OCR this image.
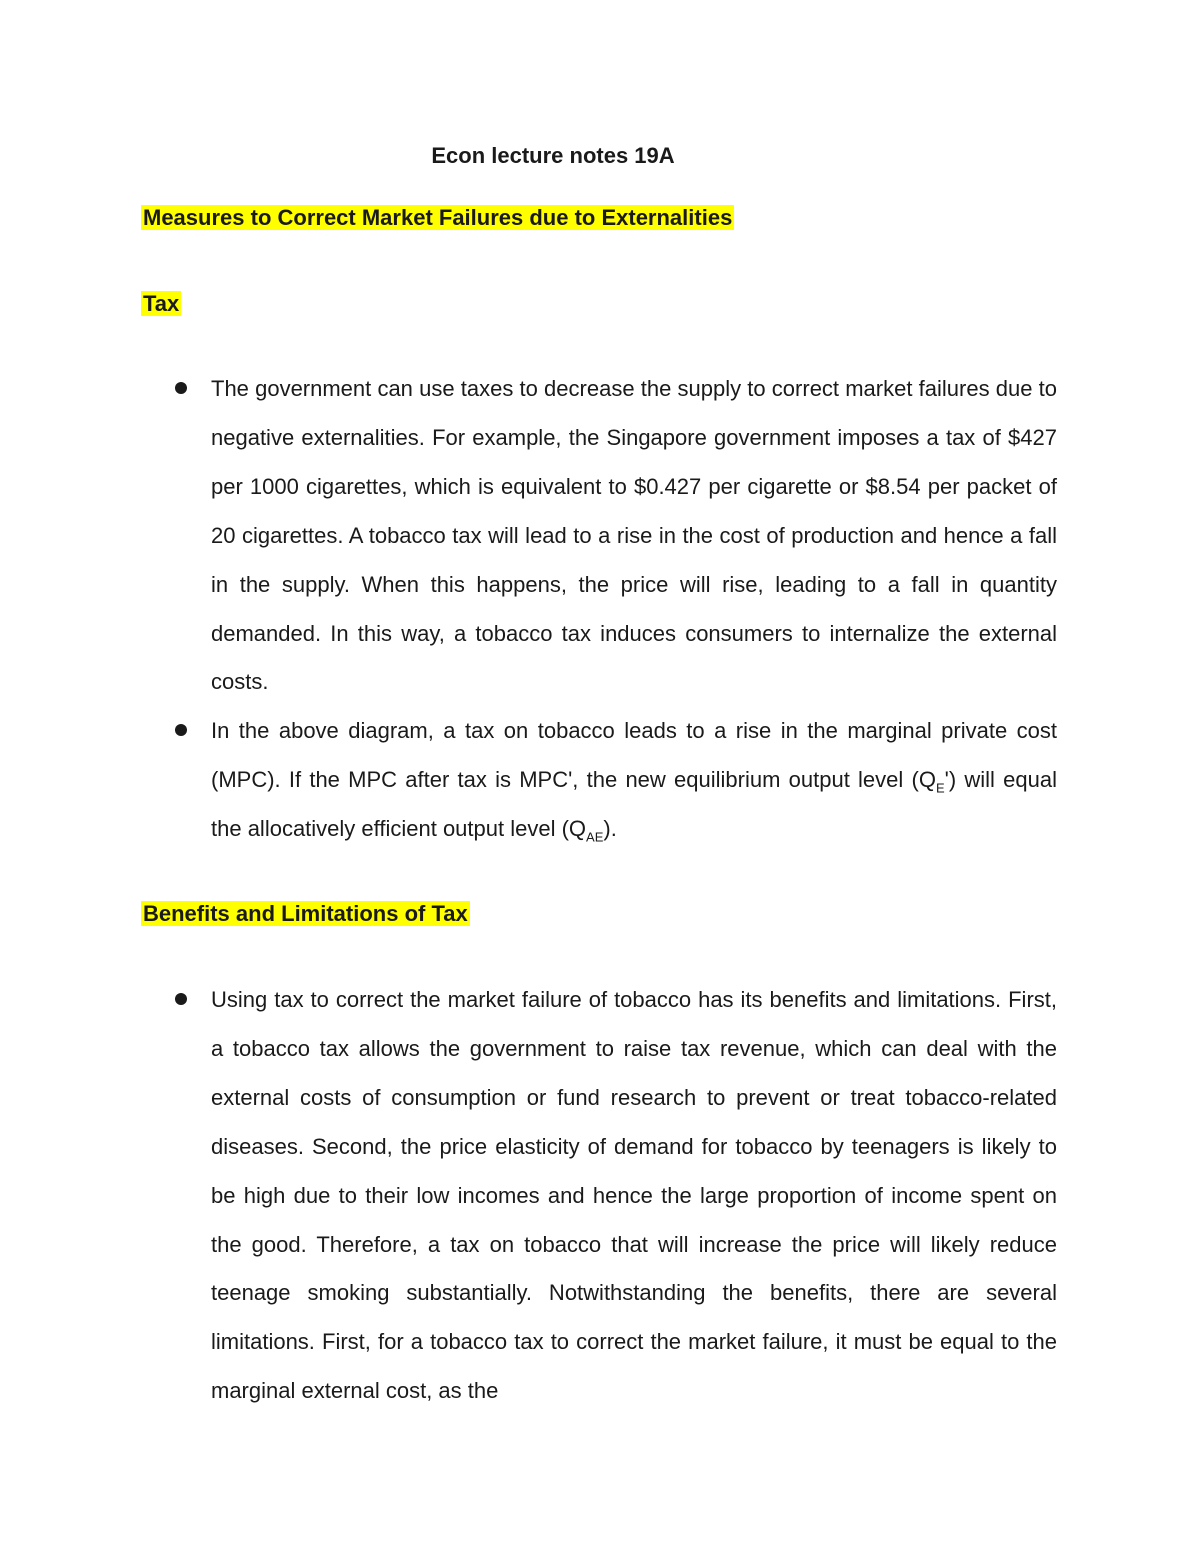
Econ lecture notes 19A

Measures to Correct Market Failures due to Externalities

Tax

The government can use taxes to decrease the supply to correct market failures due to negative externalities. For example, the Singapore government imposes a tax of $427 per 1000 cigarettes, which is equivalent to $0.427 per cigarette or $8.54 per packet of 20 cigarettes. A tobacco tax will lead to a rise in the cost of production and hence a fall in the supply. When this happens, the price will rise, leading to a fall in quantity demanded. In this way, a tobacco tax induces consumers to internalize the external costs.
In the above diagram, a tax on tobacco leads to a rise in the marginal private cost (MPC). If the MPC after tax is MPC', the new equilibrium output level $(Q_E')$ will equal the allocatively efficient output level $(Q_{AE})$.

Benefits and Limitations of Tax

Using tax to correct the market failure of tobacco has its benefits and limitations. First, a tobacco tax allows the government to raise tax revenue, which can deal with the external costs of consumption or fund research to prevent or treat tobacco-related diseases. Second, the price elasticity of demand for tobacco by teenagers is likely to be high due to their low incomes and hence the large proportion of income spent on the good. Therefore, a tax on tobacco that will increase the price will likely reduce teenage smoking substantially. Notwithstanding the benefits, there are several limitations. First, for a tobacco tax to correct the market failure, it must be equal to the marginal external cost, as the
